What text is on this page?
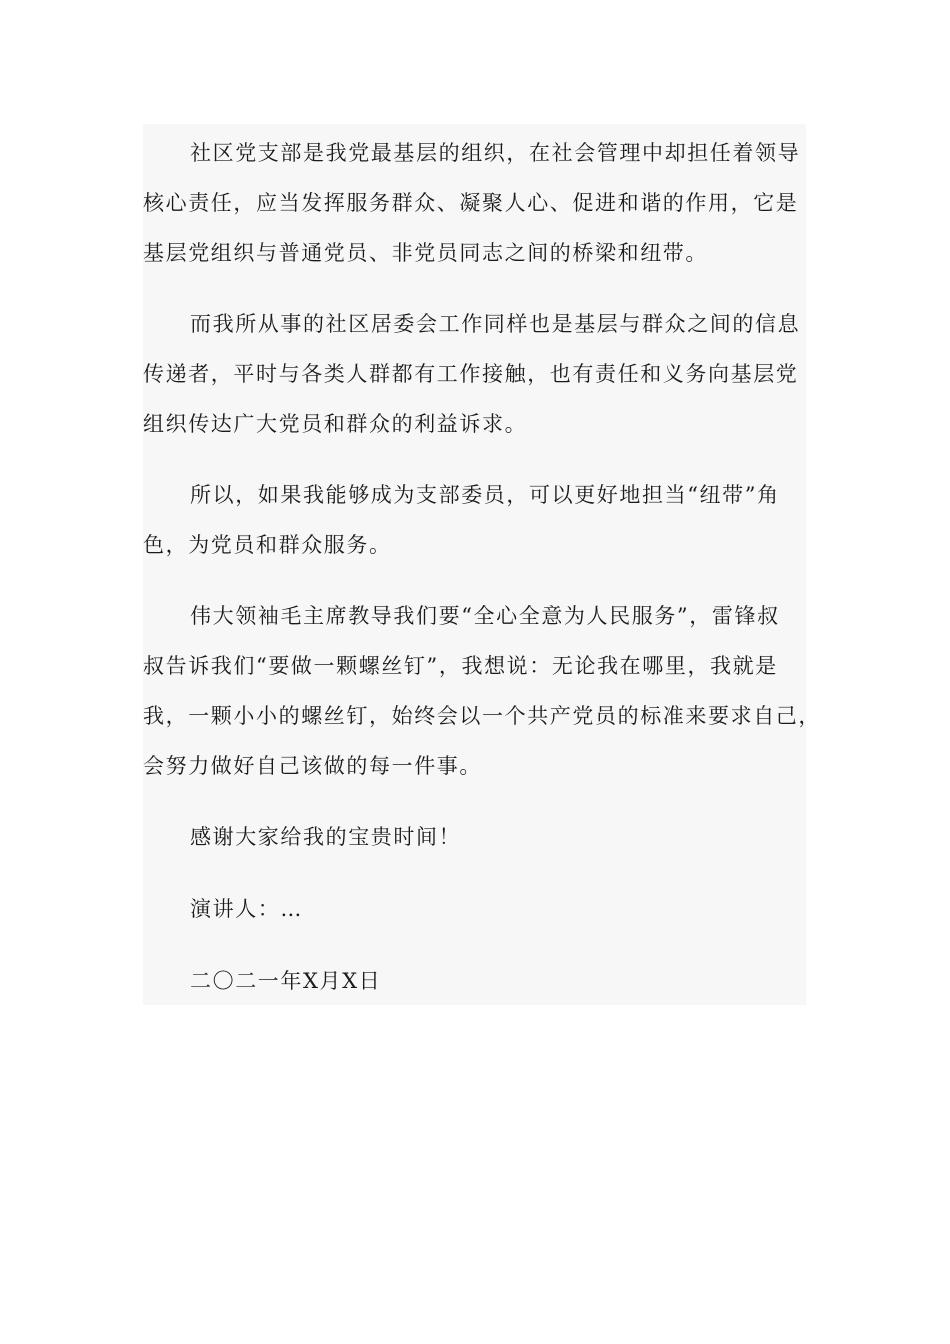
社区党支部是我党最基层的组织，在社会管理中却担任着领导
核心责任，应当发挥服务群众、凝聚人心、促进和谐的作用，它是
基层党组织与普通党员、非党员同志之间的桥梁和纽带。

而我所从事的社区居委会工作同样也是基层与群众之间的信息
传递者，平时与各类人群都有工作接触，也有责任和义务向基层党
组织传达广大党员和群众的利益诉求。

所以，如果我能够成为支部委员，可以更好地担当“纽带”角
色，为党员和群众服务。

伟大领袖毛主席教导我们要“全心全意为人民服务”，雷锋叔
叔告诉我们“要做一颗螺丝钉”，我想说：无论我在哪里，我就是
我，一颗小小的螺丝钉，始终会以一个共产党员的标准来要求自己，
会努力做好自己该做的每一件事。

感谢大家给我的宝贵时间！

演讲人：…

二〇二一年X月X日
